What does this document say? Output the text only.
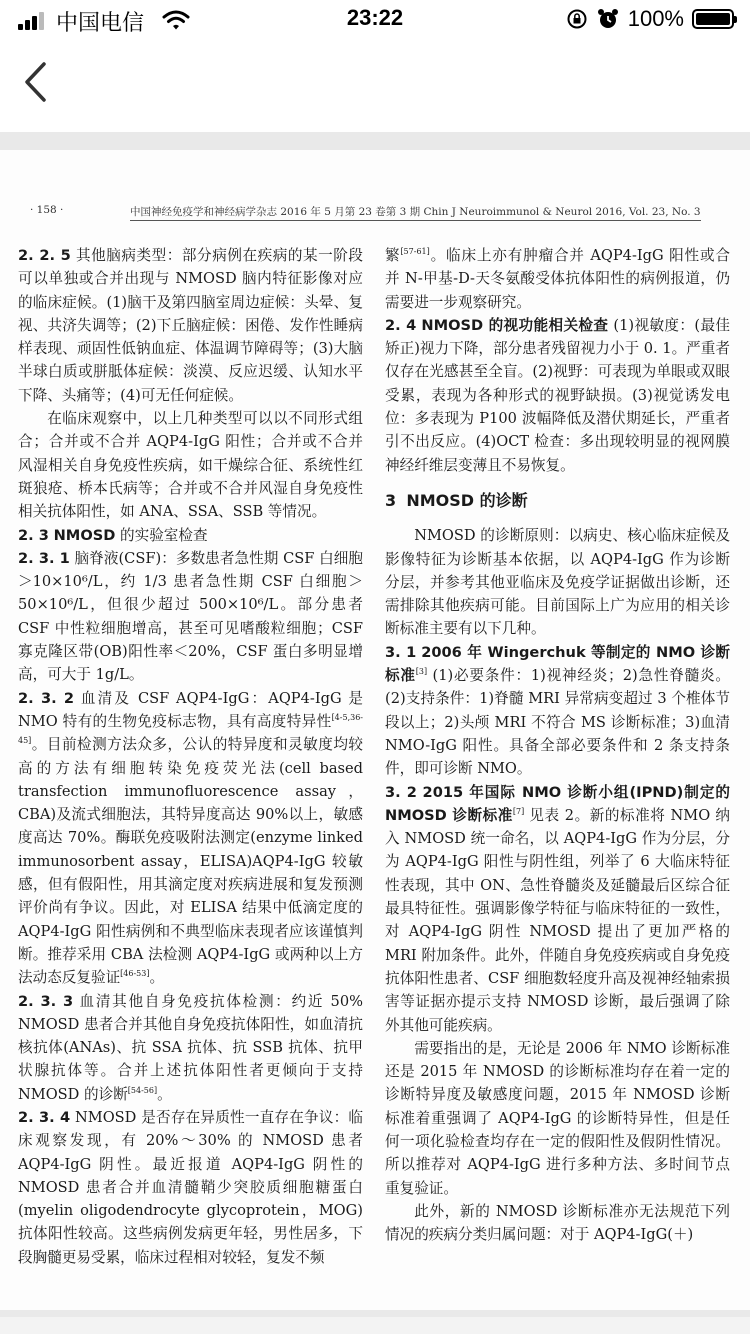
中国电信	23:22	100%
· 158 ·	中国神经免疫学和神经病学杂志 2016 年 5 月第 23 卷第 3 期 Chin J Neuroimmunol & Neurol 2016, Vol. 23, No. 3

2. 2. 5 其他脑病类型：部分病例在疾病的某一阶段可以单独或合并出现与 NMOSD 脑内特征影像对应的临床症候。(1)脑干及第四脑室周边症候：头晕、复视、共济失调等；(2)下丘脑症候：困倦、发作性睡病样表现、顽固性低钠血症、体温调节障碍等；(3)大脑半球白质或胼胝体症候：淡漠、反应迟缓、认知水平下降、头痛等；(4)可无任何症候。

在临床观察中，以上几种类型可以以不同形式组合；合并或不合并 AQP4-IgG 阳性；合并或不合并风湿相关自身免疫性疾病，如干燥综合征、系统性红斑狼疮、桥本氏病等；合并或不合并风湿自身免疫性相关抗体阳性，如 ANA、SSA、SSB 等情况。

2. 3 NMOSD 的实验室检查

2. 3. 1 脑脊液(CSF)：多数患者急性期 CSF 白细胞＞10×10⁶/L，约 1/3 患者急性期 CSF 白细胞＞50×10⁶/L，但很少超过 500×10⁶/L。部分患者 CSF 中性粒细胞增高，甚至可见嗜酸粒细胞；CSF 寡克隆区带(OB)阳性率＜20%，CSF 蛋白多明显增高，可大于 1g/L。

2. 3. 2 血清及 CSF AQP4-IgG：AQP4-IgG 是 NMO 特有的生物免疫标志物，具有高度特异性[4-5,36-45]。目前检测方法众多，公认的特异度和灵敏度均较高的方法有细胞转染免疫荧光法(cell based transfection immunofluorescence assay，CBA)及流式细胞法，其特异度高达 90%以上，敏感度高达 70%。酶联免疫吸附法测定(enzyme linked immunosorbent assay，ELISA)AQP4-IgG 较敏感，但有假阳性，用其滴定度对疾病进展和复发预测评价尚有争议。因此，对 ELISA 结果中低滴定度的 AQP4-IgG 阳性病例和不典型临床表现者应该谨慎判断。推荐采用 CBA 法检测 AQP4-IgG 或两种以上方法动态反复验证[46-53]。

2. 3. 3 血清其他自身免疫抗体检测：约近 50% NMOSD 患者合并其他自身免疫抗体阳性，如血清抗核抗体(ANAs)、抗 SSA 抗体、抗 SSB 抗体、抗甲状腺抗体等。合并上述抗体阳性者更倾向于支持 NMOSD 的诊断[54-56]。

2. 3. 4 NMOSD 是否存在异质性一直存在争议：临床观察发现，有 20%～30% 的 NMOSD 患者 AQP4-IgG 阴性。最近报道 AQP4-IgG 阴性的 NMOSD 患者合并血清髓鞘少突胶质细胞糖蛋白(myelin oligodendrocyte glycoprotein，MOG)抗体阳性较高。这些病例发病更年轻，男性居多，下段胸髓更易受累，临床过程相对较轻，复发不频

繁[57-61]。临床上亦有肿瘤合并 AQP4-IgG 阳性或合并 N-甲基-D-天冬氨酸受体抗体阳性的病例报道，仍需要进一步观察研究。

2. 4 NMOSD 的视功能相关检查 (1)视敏度：(最佳矫正)视力下降，部分患者残留视力小于 0. 1。严重者仅存在光感甚至全盲。(2)视野：可表现为单眼或双眼受累，表现为各种形式的视野缺损。(3)视觉诱发电位：多表现为 P100 波幅降低及潜伏期延长，严重者引不出反应。(4)OCT 检查：多出现较明显的视网膜神经纤维层变薄且不易恢复。

3 NMOSD 的诊断

NMOSD 的诊断原则：以病史、核心临床症候及影像特征为诊断基本依据，以 AQP4-IgG 作为诊断分层，并参考其他亚临床及免疫学证据做出诊断，还需排除其他疾病可能。目前国际上广为应用的相关诊断标准主要有以下几种。

3. 1 2006 年 Wingerchuk 等制定的 NMO 诊断标准[3] (1)必要条件：1)视神经炎；2)急性脊髓炎。(2)支持条件：1)脊髓 MRI 异常病变超过 3 个椎体节段以上；2)头颅 MRI 不符合 MS 诊断标准；3)血清 NMO-IgG 阳性。具备全部必要条件和 2 条支持条件，即可诊断 NMO。

3. 2 2015 年国际 NMO 诊断小组(IPND)制定的 NMOSD 诊断标准[7] 见表 2。新的标准将 NMO 纳入 NMOSD 统一命名，以 AQP4-IgG 作为分层，分为 AQP4-IgG 阳性与阴性组，列举了 6 大临床特征性表现，其中 ON、急性脊髓炎及延髓最后区综合征最具特征性。强调影像学特征与临床特征的一致性，对 AQP4-IgG 阴性 NMOSD 提出了更加严格的 MRI 附加条件。此外，伴随自身免疫疾病或自身免疫抗体阳性患者、CSF 细胞数轻度升高及视神经轴索损害等证据亦提示支持 NMOSD 诊断，最后强调了除外其他可能疾病。

需要指出的是，无论是 2006 年 NMO 诊断标准还是 2015 年 NMOSD 的诊断标准均存在着一定的诊断特异度及敏感度问题，2015 年 NMOSD 诊断标准着重强调了 AQP4-IgG 的诊断特异性，但是任何一项化验检查均存在一定的假阳性及假阴性情况。所以推荐对 AQP4-IgG 进行多种方法、多时间节点重复验证。

此外，新的 NMOSD 诊断标准亦无法规范下列情况的疾病分类归属问题：对于 AQP4-IgG(＋)
